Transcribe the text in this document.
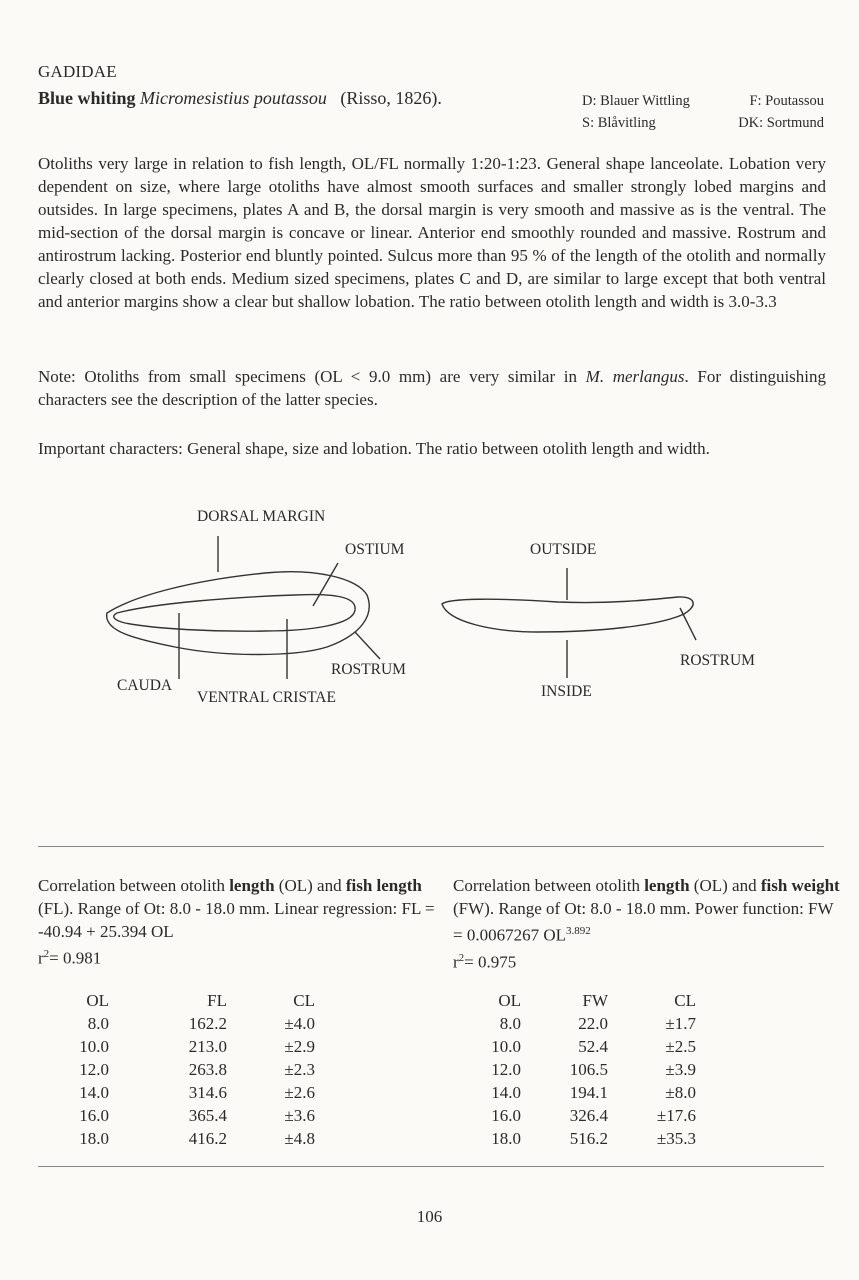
GADIDAE
Blue whiting Micromesistius poutassou (Risso, 1826).	D: Blauer Wittling	F: Poutassou
S: Blåvitling	DK: Sortmund
Otoliths very large in relation to fish length, OL/FL normally 1:20-1:23. General shape lanceolate. Lobation very dependent on size, where large otoliths have almost smooth surfaces and smaller strongly lobed margins and outsides. In large specimens, plates A and B, the dorsal margin is very smooth and massive as is the ventral. The mid-section of the dorsal margin is concave or linear. Anterior end smoothly rounded and massive. Rostrum and antirostrum lacking. Posterior end bluntly pointed. Sulcus more than 95 % of the length of the otolith and normally clearly closed at both ends. Medium sized specimens, plates C and D, are similar to large except that both ventral and anterior margins show a clear but shallow lobation. The ratio between otolith length and width is 3.0-3.3
Note: Otoliths from small specimens (OL < 9.0 mm) are very similar in M. merlangus. For distinguishing characters see the description of the latter species.
Important characters: General shape, size and lobation. The ratio between otolith length and width.
DORSAL MARGIN
OSTIUM
ROSTRUM
CAUDA
VENTRAL CRISTAE
OUTSIDE
INSIDE
ROSTRUM
Correlation between otolith length (OL) and fish length (FL). Range of Ot: 8.0 - 18.0 mm. Linear regression: FL = -40.94 + 25.394 OL
$r^2= 0.981$
OL	FL	CL
8.0	162.2	±4.0
10.0	213.0	±2.9
12.0	263.8	±2.3
14.0	314.6	±2.6
16.0	365.4	±3.6
18.0	416.2	±4.8
Correlation between otolith length (OL) and fish weight (FW). Range of Ot: 8.0 - 18.0 mm. Power function: FW = 0.0067267 $OL^{3.892}$
$r^2= 0.975$
OL	FW	CL
8.0	22.0	±1.7
10.0	52.4	±2.5
12.0	106.5	±3.9
14.0	194.1	±8.0
16.0	326.4	±17.6
18.0	516.2	±35.3
106
